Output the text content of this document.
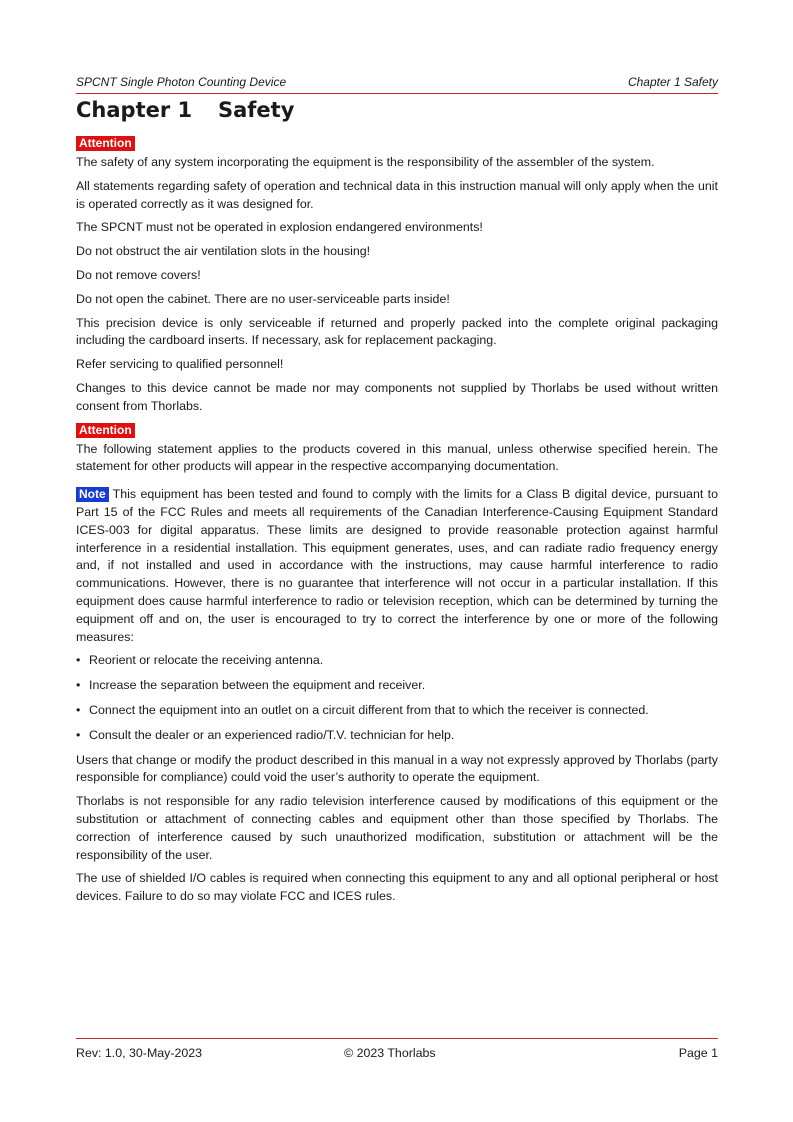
SPCNT Single Photon Counting Device	Chapter 1 Safety
Chapter 1 Safety
Attention

The safety of any system incorporating the equipment is the responsibility of the assembler of the system.

All statements regarding safety of operation and technical data in this instruction manual will only apply when the unit is operated correctly as it was designed for.

The SPCNT must not be operated in explosion endangered environments!

Do not obstruct the air ventilation slots in the housing!

Do not remove covers!

Do not open the cabinet. There are no user-serviceable parts inside!

This precision device is only serviceable if returned and properly packed into the complete original packaging including the cardboard inserts. If necessary, ask for replacement packaging.

Refer servicing to qualified personnel!

Changes to this device cannot be made nor may components not supplied by Thorlabs be used without written consent from Thorlabs.

Attention

The following statement applies to the products covered in this manual, unless otherwise specified herein. The statement for other products will appear in the respective accompanying documentation.

Note This equipment has been tested and found to comply with the limits for a Class B digital device, pursuant to Part 15 of the FCC Rules and meets all requirements of the Canadian Interference-Causing Equipment Standard ICES-003 for digital apparatus. These limits are designed to provide reasonable protection against harmful interference in a residential installation. This equipment generates, uses, and can radiate radio frequency energy and, if not installed and used in accordance with the instructions, may cause harmful interference to radio communications. However, there is no guarantee that interference will not occur in a particular installation. If this equipment does cause harmful interference to radio or television reception, which can be determined by turning the equipment off and on, the user is encouraged to try to correct the interference by one or more of the following measures:

• Reorient or relocate the receiving antenna.
• Increase the separation between the equipment and receiver.
• Connect the equipment into an outlet on a circuit different from that to which the receiver is connected.
• Consult the dealer or an experienced radio/T.V. technician for help.

Users that change or modify the product described in this manual in a way not expressly approved by Thorlabs (party responsible for compliance) could void the user’s authority to operate the equipment.

Thorlabs is not responsible for any radio television interference caused by modifications of this equipment or the substitution or attachment of connecting cables and equipment other than those specified by Thorlabs. The correction of interference caused by such unauthorized modification, substitution or attachment will be the responsibility of the user.

The use of shielded I/O cables is required when connecting this equipment to any and all optional peripheral or host devices. Failure to do so may violate FCC and ICES rules.

Rev: 1.0, 30-May-2023	© 2023 Thorlabs	Page 1
